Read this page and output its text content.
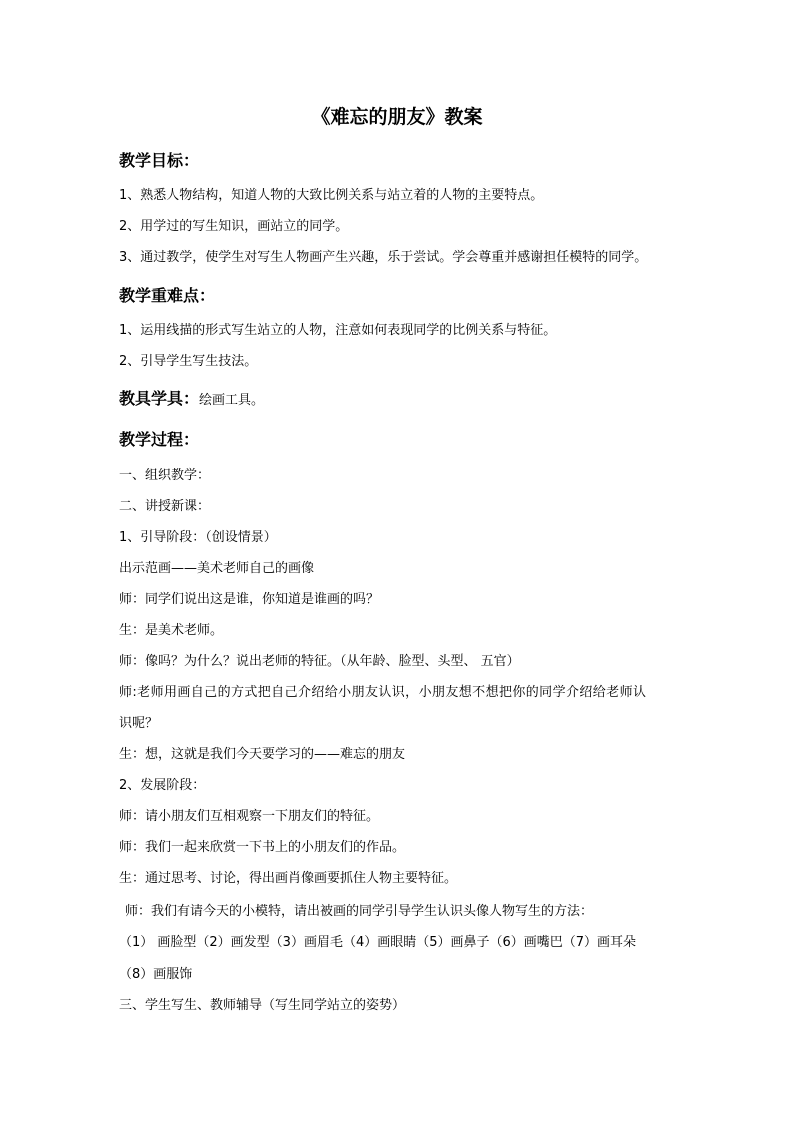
《难忘的朋友》教案
教学目标：
1、熟悉人物结构，知道人物的大致比例关系与站立着的人物的主要特点。
2、用学过的写生知识，画站立的同学。
3、通过教学，使学生对写生人物画产生兴趣，乐于尝试。学会尊重并感谢担任模特的同学。
教学重难点：
1、运用线描的形式写生站立的人物，注意如何表现同学的比例关系与特征。
2、引导学生写生技法。
教具学具：绘画工具。
教学过程：
一、组织教学：
二、讲授新课：
1、引导阶段：（创设情景）
出示范画——美术老师自己的画像
师：同学们说出这是谁，你知道是谁画的吗？
生：是美术老师。
师：像吗？为什么？说出老师的特征。（从年龄、脸型、头型、 五官）
师:老师用画自己的方式把自己介绍给小朋友认识，小朋友想不想把你的同学介绍给老师认
识呢？
生：想，这就是我们今天要学习的——难忘的朋友
2、发展阶段：
师：请小朋友们互相观察一下朋友们的特征。
师：我们一起来欣赏一下书上的小朋友们的作品。
生：通过思考、讨论，得出画肖像画要抓住人物主要特征。
师：我们有请今天的小模特，请出被画的同学引导学生认识头像人物写生的方法：
（1） 画脸型（2）画发型（3）画眉毛（4）画眼睛（5）画鼻子（6）画嘴巴（7）画耳朵
（8）画服饰
三、学生写生、教师辅导（写生同学站立的姿势）
